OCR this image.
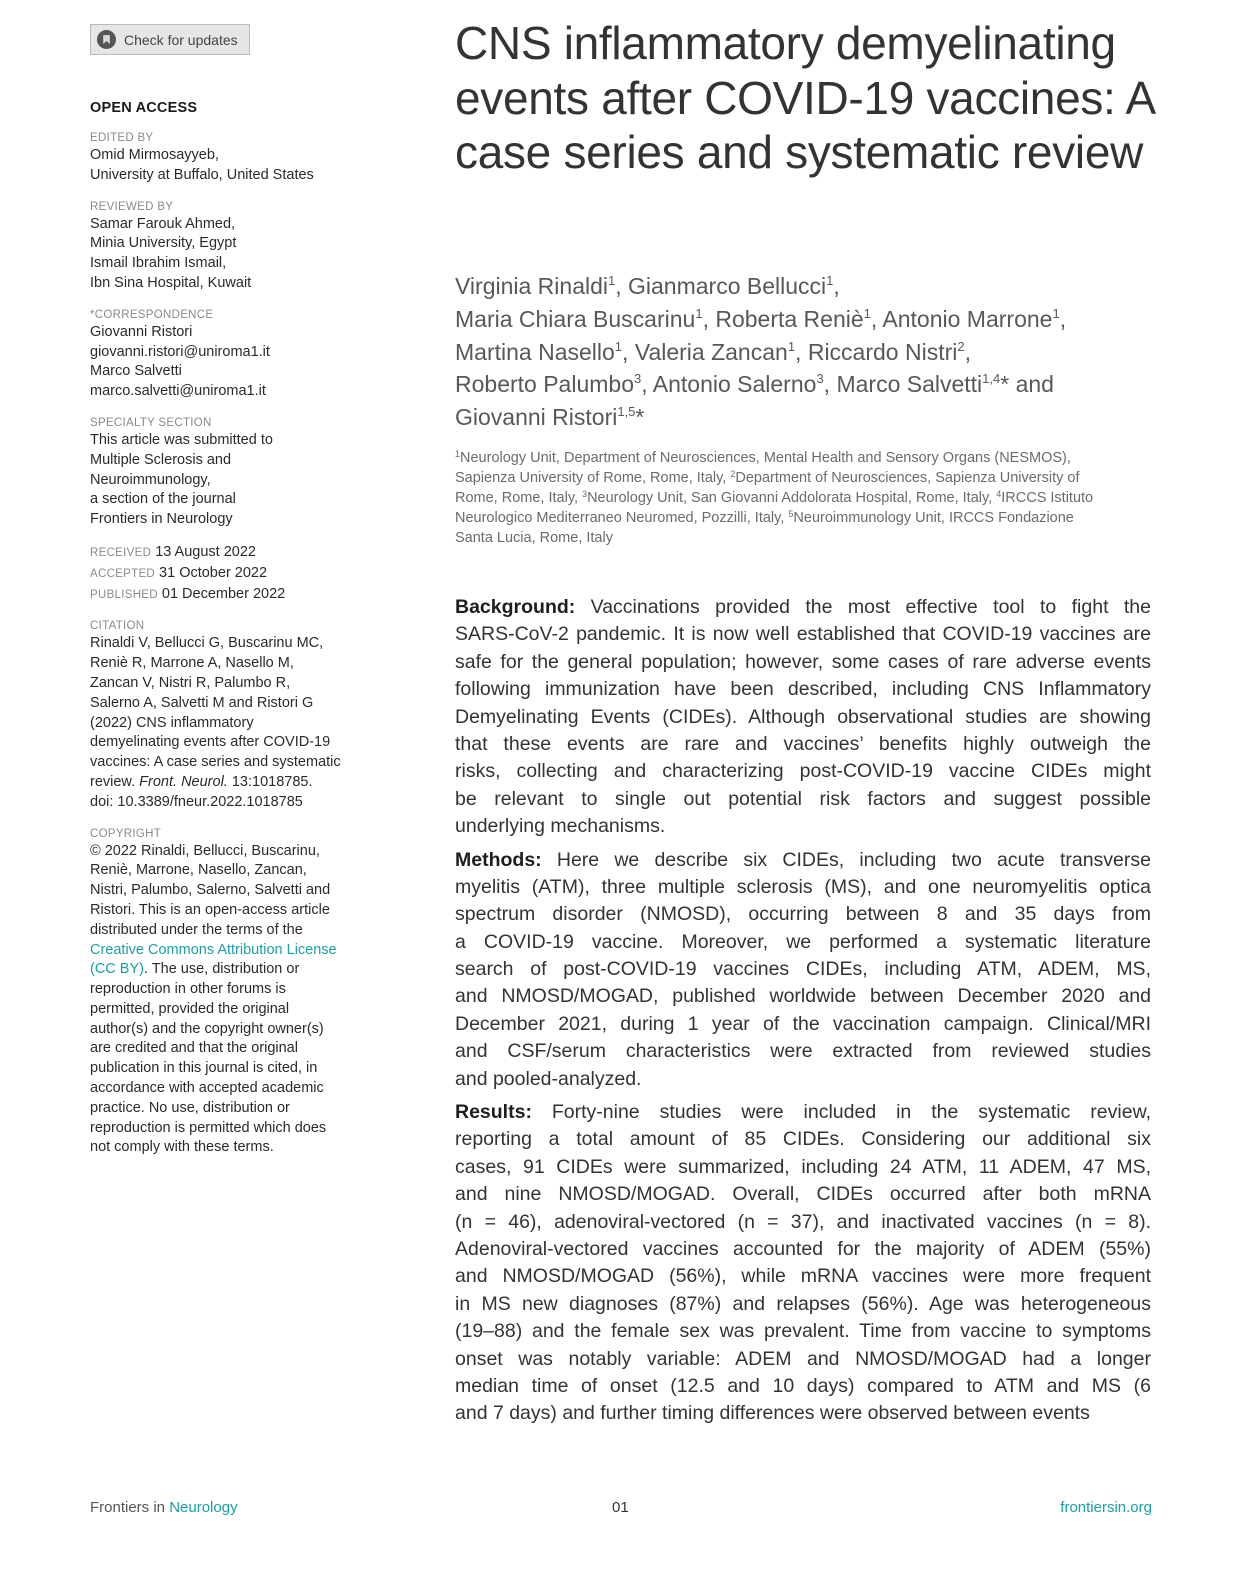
Check for updates
OPEN ACCESS
EDITED BY
Omid Mirmosayyeb,
University at Buffalo, United States
REVIEWED BY
Samar Farouk Ahmed,
Minia University, Egypt
Ismail Ibrahim Ismail,
Ibn Sina Hospital, Kuwait
*CORRESPONDENCE
Giovanni Ristori
giovanni.ristori@uniroma1.it
Marco Salvetti
marco.salvetti@uniroma1.it
SPECIALTY SECTION
This article was submitted to
Multiple Sclerosis and
Neuroimmunology,
a section of the journal
Frontiers in Neurology
RECEIVED 13 August 2022
ACCEPTED 31 October 2022
PUBLISHED 01 December 2022
CITATION
Rinaldi V, Bellucci G, Buscarinu MC,
Reniè R, Marrone A, Nasello M,
Zancan V, Nistri R, Palumbo R,
Salerno A, Salvetti M and Ristori G
(2022) CNS inflammatory
demyelinating events after COVID-19
vaccines: A case series and systematic
review. Front. Neurol. 13:1018785.
doi: 10.3389/fneur.2022.1018785
COPYRIGHT
© 2022 Rinaldi, Bellucci, Buscarinu,
Reniè, Marrone, Nasello, Zancan,
Nistri, Palumbo, Salerno, Salvetti and
Ristori. This is an open-access article
distributed under the terms of the
Creative Commons Attribution License
(CC BY). The use, distribution or
reproduction in other forums is
permitted, provided the original
author(s) and the copyright owner(s)
are credited and that the original
publication in this journal is cited, in
accordance with accepted academic
practice. No use, distribution or
reproduction is permitted which does
not comply with these terms.
CNS inflammatory demyelinating events after COVID-19 vaccines: A case series and systematic review
Virginia Rinaldi$^1$, Gianmarco Bellucci$^1$,
Maria Chiara Buscarinu$^1$, Roberta Reniè$^1$, Antonio Marrone$^1$,
Martina Nasello$^1$, Valeria Zancan$^1$, Riccardo Nistri$^2$,
Roberto Palumbo$^3$, Antonio Salerno$^3$, Marco Salvetti$^{1,4}$* and
Giovanni Ristori$^{1,5}$*
$^1$Neurology Unit, Department of Neurosciences, Mental Health and Sensory Organs (NESMOS),
Sapienza University of Rome, Rome, Italy, $^2$Department of Neurosciences, Sapienza University of
Rome, Rome, Italy, $^3$Neurology Unit, San Giovanni Addolorata Hospital, Rome, Italy, $^4$IRCCS Istituto
Neurologico Mediterraneo Neuromed, Pozzilli, Italy, $^5$Neuroimmunology Unit, IRCCS Fondazione
Santa Lucia, Rome, Italy
Background: Vaccinations provided the most effective tool to fight the
SARS-CoV-2 pandemic. It is now well established that COVID-19 vaccines are
safe for the general population; however, some cases of rare adverse events
following immunization have been described, including CNS Inflammatory
Demyelinating Events (CIDEs). Although observational studies are showing
that these events are rare and vaccines’ benefits highly outweigh the
risks, collecting and characterizing post-COVID-19 vaccine CIDEs might
be relevant to single out potential risk factors and suggest possible
underlying mechanisms.
Methods: Here we describe six CIDEs, including two acute transverse
myelitis (ATM), three multiple sclerosis (MS), and one neuromyelitis optica
spectrum disorder (NMOSD), occurring between 8 and 35 days from
a COVID-19 vaccine. Moreover, we performed a systematic literature
search of post-COVID-19 vaccines CIDEs, including ATM, ADEM, MS,
and NMOSD/MOGAD, published worldwide between December 2020 and
December 2021, during 1 year of the vaccination campaign. Clinical/MRI
and CSF/serum characteristics were extracted from reviewed studies
and pooled-analyzed.
Results: Forty-nine studies were included in the systematic review,
reporting a total amount of 85 CIDEs. Considering our additional six
cases, 91 CIDEs were summarized, including 24 ATM, 11 ADEM, 47 MS,
and nine NMOSD/MOGAD. Overall, CIDEs occurred after both mRNA
(n = 46), adenoviral-vectored (n = 37), and inactivated vaccines (n = 8).
Adenoviral-vectored vaccines accounted for the majority of ADEM (55%)
and NMOSD/MOGAD (56%), while mRNA vaccines were more frequent
in MS new diagnoses (87%) and relapses (56%). Age was heterogeneous
(19–88) and the female sex was prevalent. Time from vaccine to symptoms
onset was notably variable: ADEM and NMOSD/MOGAD had a longer
median time of onset (12.5 and 10 days) compared to ATM and MS (6
and 7 days) and further timing differences were observed between events
Frontiers in Neurology	01	frontiersin.org
